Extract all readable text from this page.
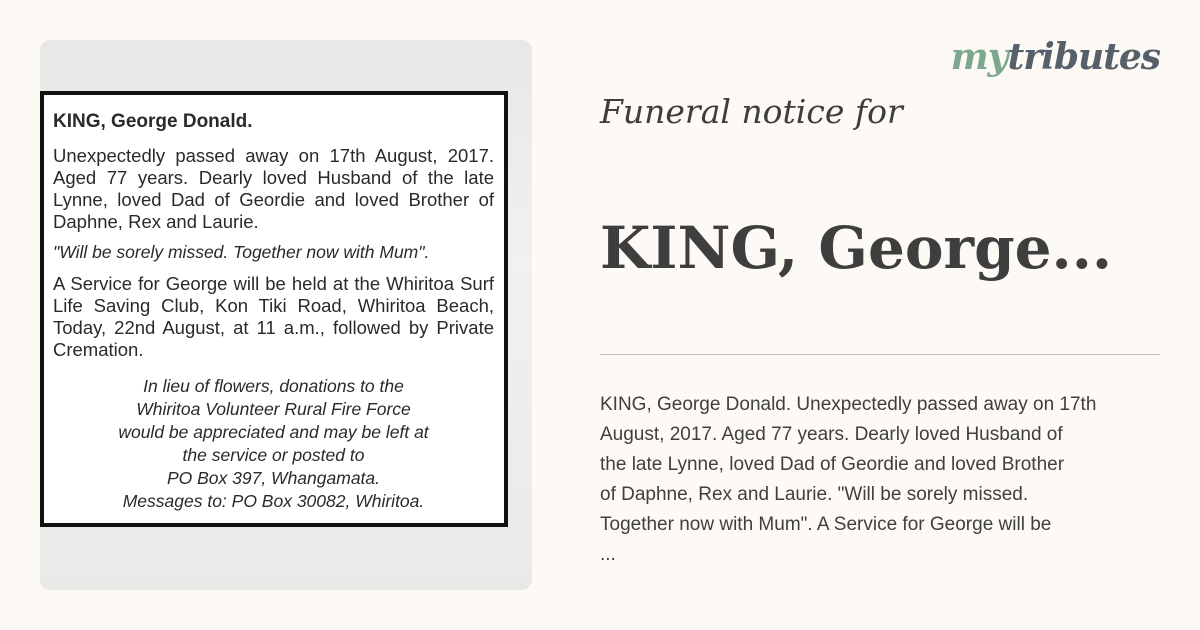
KING, George Donald.

Unexpectedly passed away on 17th August, 2017. Aged 77 years. Dearly loved Husband of the late Lynne, loved Dad of Geordie and loved Brother of Daphne, Rex and Laurie.

"Will be sorely missed. Together now with Mum".

A Service for George will be held at the Whiritoa Surf Life Saving Club, Kon Tiki Road, Whiritoa Beach, Today, 22nd August, at 11 a.m., followed by Private Cremation.

In lieu of flowers, donations to the
Whiritoa Volunteer Rural Fire Force
would be appreciated and may be left at
the service or posted to
PO Box 397, Whangamata.
Messages to: PO Box 30082, Whiritoa.
mytributes
Funeral notice for
KING, George...
KING, George Donald. Unexpectedly passed away on 17th
August, 2017. Aged 77 years. Dearly loved Husband of
the late Lynne, loved Dad of Geordie and loved Brother
of Daphne, Rex and Laurie. "Will be sorely missed.
Together now with Mum". A Service for George will be
...
